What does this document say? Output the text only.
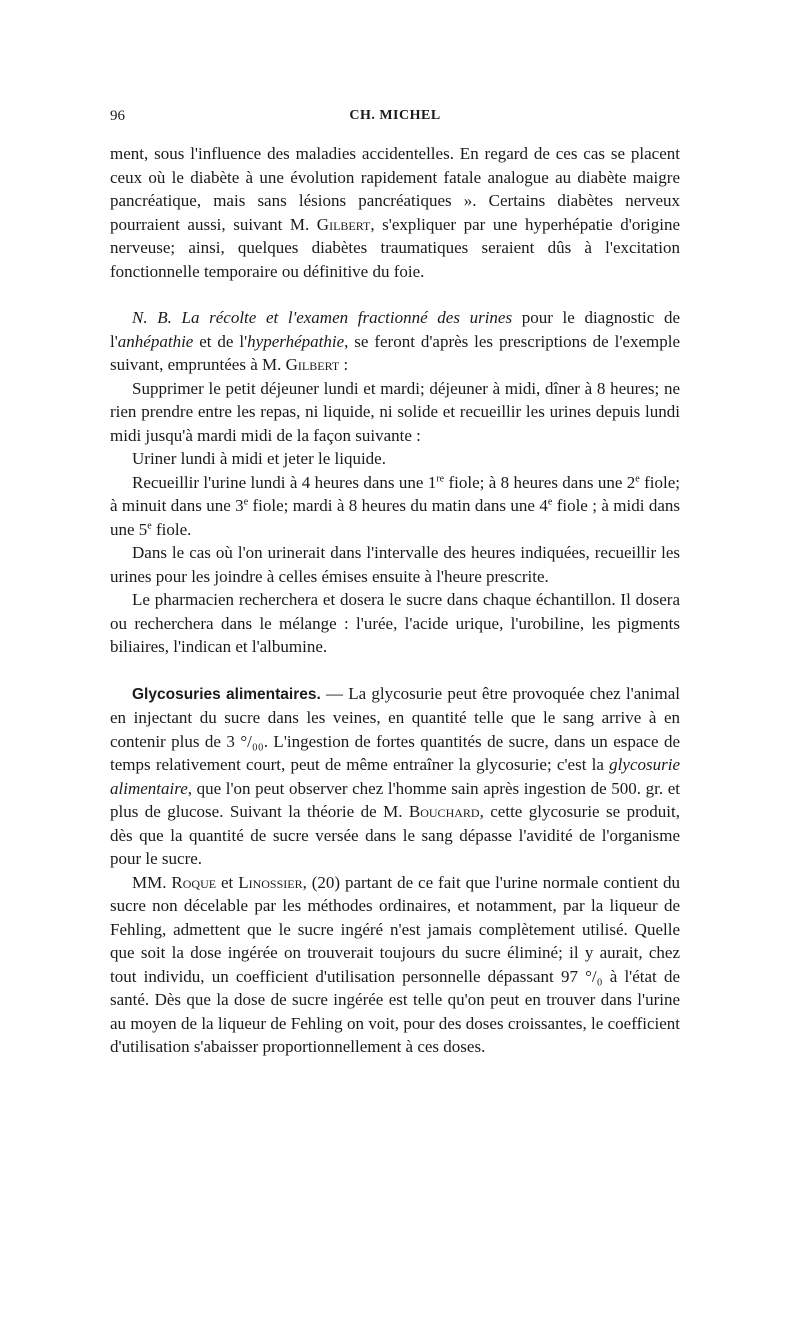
96	CH. MICHEL

ment, sous l'influence des maladies accidentelles. En regard de ces cas se placent ceux où le diabète à une évolution rapidement fatale analogue au diabète maigre pancréatique, mais sans lésions pancréatiques ». Certains diabètes nerveux pourraient aussi, suivant M. Gilbert, s'expliquer par une hyperhépatie d'origine nerveuse; ainsi, quelques diabètes traumatiques seraient dûs à l'excitation fonctionnelle temporaire ou définitive du foie.

N. B. La récolte et l'examen fractionné des urines pour le diagnostic de l'anhépathie et de l'hyperhépathie, se feront d'après les prescriptions de l'exemple suivant, empruntées à M. Gilbert :

Supprimer le petit déjeuner lundi et mardi; déjeuner à midi, dîner à 8 heures; ne rien prendre entre les repas, ni liquide, ni solide et recueillir les urines depuis lundi midi jusqu'à mardi midi de la façon suivante :

Uriner lundi à midi et jeter le liquide.

Recueillir l'urine lundi à 4 heures dans une 1re fiole; à 8 heures dans une 2e fiole; à minuit dans une 3e fiole; mardi à 8 heures du matin dans une 4e fiole ; à midi dans une 5e fiole.

Dans le cas où l'on urinerait dans l'intervalle des heures indiquées, recueillir les urines pour les joindre à celles émises ensuite à l'heure prescrite.

Le pharmacien recherchera et dosera le sucre dans chaque échantillon. Il dosera ou recherchera dans le mélange : l'urée, l'acide urique, l'urobiline, les pigments biliaires, l'indican et l'albumine.

Glycosuries alimentaires. — La glycosurie peut être provoquée chez l'animal en injectant du sucre dans les veines, en quantité telle que le sang arrive à en contenir plus de 3 °/₀₀. L'ingestion de fortes quantités de sucre, dans un espace de temps relativement court, peut de même entraîner la glycosurie; c'est la glycosurie alimentaire, que l'on peut observer chez l'homme sain après ingestion de 500. gr. et plus de glucose. Suivant la théorie de M. Bouchard, cette glycosurie se produit, dès que la quantité de sucre versée dans le sang dépasse l'avidité de l'organisme pour le sucre.

MM. Roque et Linossier, (20) partant de ce fait que l'urine normale contient du sucre non décelable par les méthodes ordinaires, et notamment, par la liqueur de Fehling, admettent que le sucre ingéré n'est jamais complètement utilisé. Quelle que soit la dose ingérée on trouverait toujours du sucre éliminé; il y aurait, chez tout individu, un coefficient d'utilisation personnelle dépassant 97 °/₀ à l'état de santé. Dès que la dose de sucre ingérée est telle qu'on peut en trouver dans l'urine au moyen de la liqueur de Fehling on voit, pour des doses croissantes, le coefficient d'utilisation s'abaisser proportionnellement à ces doses.
